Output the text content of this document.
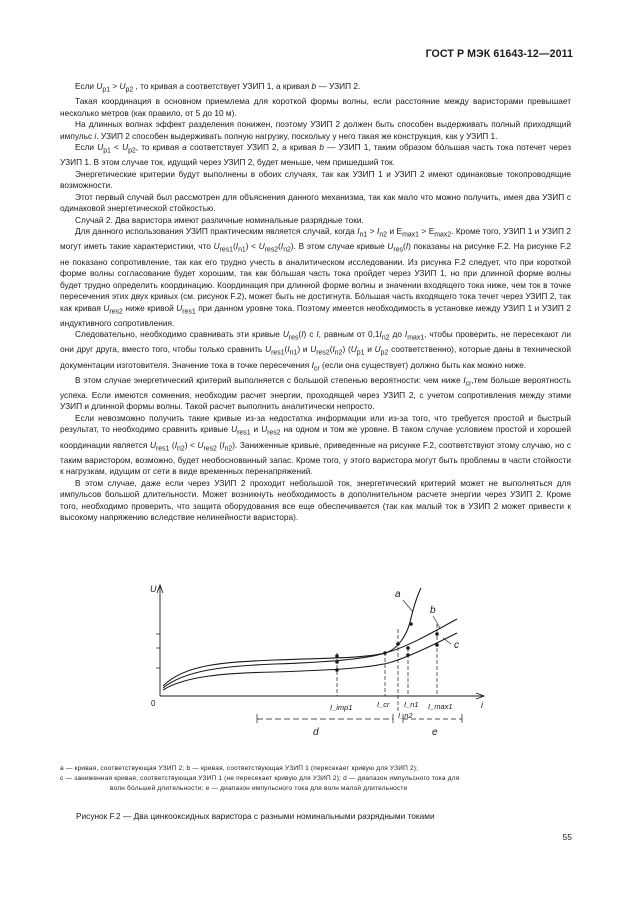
ГОСТ Р МЭК 61643-12—2011

Если $U_{р1} > U_{р2}$ , то кривая a соответствует УЗИП 1, а кривая b — УЗИП 2.

Такая координация в основном приемлема для короткой формы волны, если расстояние между варисторами превышает несколько метров (как правило, от 5 до 10 м).

На длинных волнах эффект разделения понижен, поэтому УЗИП 2 должен быть способен выдерживать полный приходящий импульс i. УЗИП 2 способен выдерживать полную нагрузку, поскольку у него такая же конструкция, как у УЗИП 1.

Если $U_{р1} < U_{р2}$, то кривая a соответствует УЗИП 2, а кривая b — УЗИП 1, таким образом бóльшая часть тока потечет через УЗИП 1. В этом случае ток, идущий через УЗИП 2, будет меньше, чем пришедший ток.

Энергетические критерии будут выполнены в обоих случаях, так как УЗИП 1 и УЗИП 2 имеют одинаковые токопроводящие возможности.

Этот первый случай был рассмотрен для объяснения данного механизма, так как мало что можно получить, имея два УЗИП с одинаковой энергетической стойкостью.

Случай 2. Два варистора имеют различные номинальные разрядные токи.

Для данного использования УЗИП практическим является случай, когда $I_{n1} > I_{n2}$ и $E_{max1} > E_{max2}$. Кроме того, УЗИП 1 и УЗИП 2 могут иметь такие характеристики, что $U_{res1}(I_{n1}) < U_{res2}(I_{n2})$. В этом случае кривые $U_{res}(I)$ показаны на рисунке F.2. На рисунке F.2 не показано сопротивление, так как его трудно учесть в аналитическом исследовании. Из рисунка F.2 следует, что при короткой форме волны согласование будет хорошим, так как бóльшая часть тока пройдет через УЗИП 1, но при длинной форме волны будет трудно определить координацию. Координация при длинной форме волны и значении входящего тока ниже, чем ток в точке пересечения этих двух кривых (см. рисунок F.2), может быть не достигнута. Бóльшая часть входящего тока течет через УЗИП 2, так как кривая $U_{res2}$ ниже кривой $U_{res1}$ при данном уровне тока. Поэтому имеется необходимость в установке между УЗИП 1 и УЗИП 2 индуктивного сопротивления.

Следовательно, необходимо сравнивать эти кривые $U_{res}(I)$ с I, равным от $0,1I_{n2}$ до $I_{max1}$, чтобы проверить, не пересекают ли они друг друга, вместо того, чтобы только сравнить $U_{res1}(I_{n1})$ и $U_{res2}(I_{n2})$ ($U_{р1}$ и $U_{р2}$ соответственно), которые даны в технической документации изготовителя. Значение тока в точке пересечения $I_{cr}$ (если она существует) должно быть как можно ниже.

В этом случае энергетический критерий выполняется с большой степенью вероятности: чем ниже $I_{cr},тем$ больше вероятность успеха. Если имеются сомнения, необходим расчет энергии, проходящей через УЗИП 2, с учетом сопротивления между этими УЗИП и длинной формы волны. Такой расчет выполнить аналитически непросто.

Если невозможно получить такие кривые из-за недостатка информации или из-за того, что требуется простой и быстрый результат, то необходимо сравнить кривые $U_{res1}$ и $U_{res2}$ на одном и том же уровне. В таком случае условием простой и хорошей координации является $U_{res1}$ $(I_{n2}) < U_{res2}$ $(I_{n2})$. Заниженные кривые, приведенные на рисунке F.2, соответствуют этому случаю, но с таким варистором, возможно, будет необоснованный запас. Кроме того, у этого варистора могут быть проблемы в части стойкости к нагрузкам, идущим от сети в виде временных перенапряжений.

В этом случае, даже если через УЗИП 2 проходит небольшой ток, энергетический критерий может не выполняться для импульсов большой длительности. Может возникнуть необходимость в дополнительном расчете энергии через УЗИП 2. Кроме того, необходимо проверить, что защита оборудования все еще обеспечивается (так как малый ток в УЗИП 2 может привести к высокому напряжению вследствие нелинейности варистора).

U
i
0
a
b
c
I_imp1	I_cr I_n1
I_n2
I_max1
d	e

a — кривая, соответствующая УЗИП 2; b — кривая, соответствующая УЗИП 1 (пересекает кривую для УЗИП 2);

c — заниженная кривая, соответствующая УЗИП 1 (не пересекает кривую для УЗИП 2); d — диапазон импульсного тока для

волн бóльшей длительности; e — диапазон импульсного тока для волн малой длительности

Рисунок F.2 — Два цинкооксидных варистора с разными номинальными разрядными токами
55
